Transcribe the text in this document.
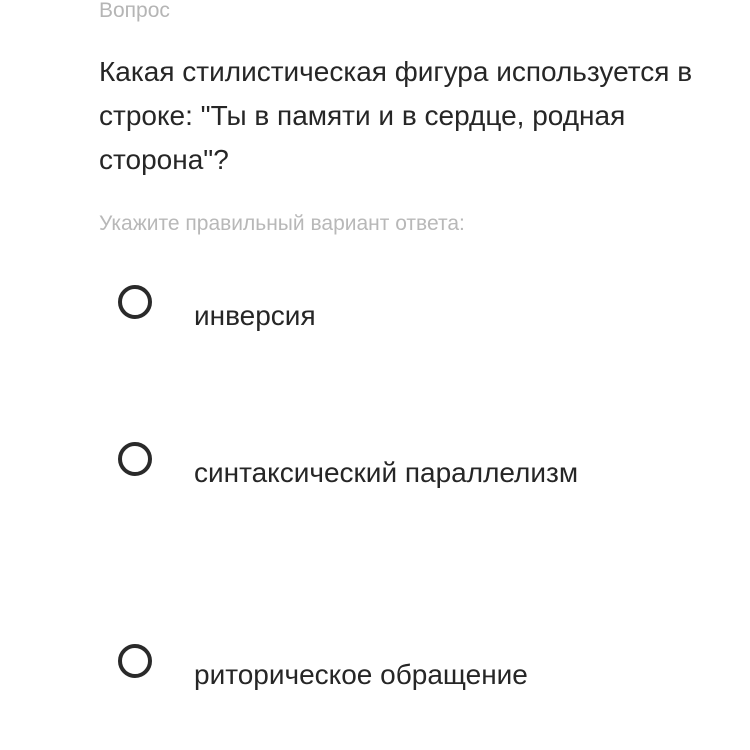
Вопрос
Какая стилистическая фигура используется в строке: "Ты в памяти и в сердце, родная сторона"?
Укажите правильный вариант ответа:
инверсия
синтаксический параллелизм
риторическое обращение
